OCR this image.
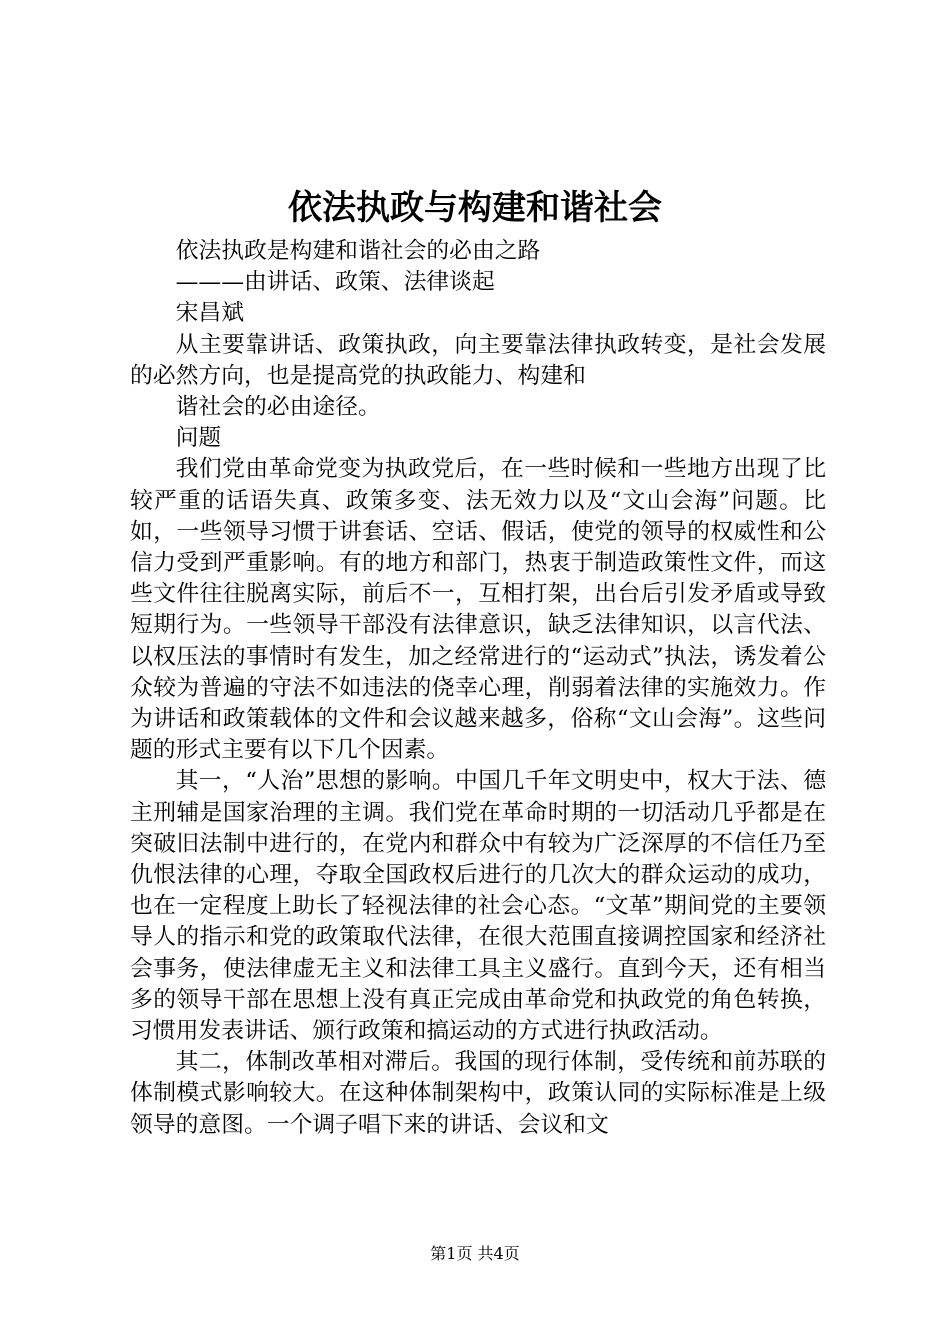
依法执政与构建和谐社会

依法执政是构建和谐社会的必由之路

———由讲话、政策、法律谈起

宋昌斌

从主要靠讲话、政策执政，向主要靠法律执政转变，是社会发展的必然方向，也是提高党的执政能力、构建和

谐社会的必由途径。

问题

我们党由革命党变为执政党后，在一些时候和一些地方出现了比较严重的话语失真、政策多变、法无效力以及“文山会海”问题。比如，一些领导习惯于讲套话、空话、假话，使党的领导的权威性和公信力受到严重影响。有的地方和部门，热衷于制造政策性文件，而这些文件往往脱离实际，前后不一，互相打架，出台后引发矛盾或导致短期行为。一些领导干部没有法律意识，缺乏法律知识，以言代法、以权压法的事情时有发生，加之经常进行的“运动式”执法，诱发着公众较为普遍的守法不如违法的侥幸心理，削弱着法律的实施效力。作为讲话和政策载体的文件和会议越来越多，俗称“文山会海”。这些问题的形式主要有以下几个因素。

其一，“人治”思想的影响。中国几千年文明史中，权大于法、德主刑辅是国家治理的主调。我们党在革命时期的一切活动几乎都是在突破旧法制中进行的，在党内和群众中有较为广泛深厚的不信任乃至仇恨法律的心理，夺取全国政权后进行的几次大的群众运动的成功，也在一定程度上助长了轻视法律的社会心态。“文革”期间党的主要领导人的指示和党的政策取代法律，在很大范围直接调控国家和经济社会事务，使法律虚无主义和法律工具主义盛行。直到今天，还有相当多的领导干部在思想上没有真正完成由革命党和执政党的角色转换，习惯用发表讲话、颁行政策和搞运动的方式进行执政活动。

其二，体制改革相对滞后。我国的现行体制，受传统和前苏联的体制模式影响较大。在这种体制架构中，政策认同的实际标准是上级领导的意图。一个调子唱下来的讲话、会议和文

第1页 共4页
